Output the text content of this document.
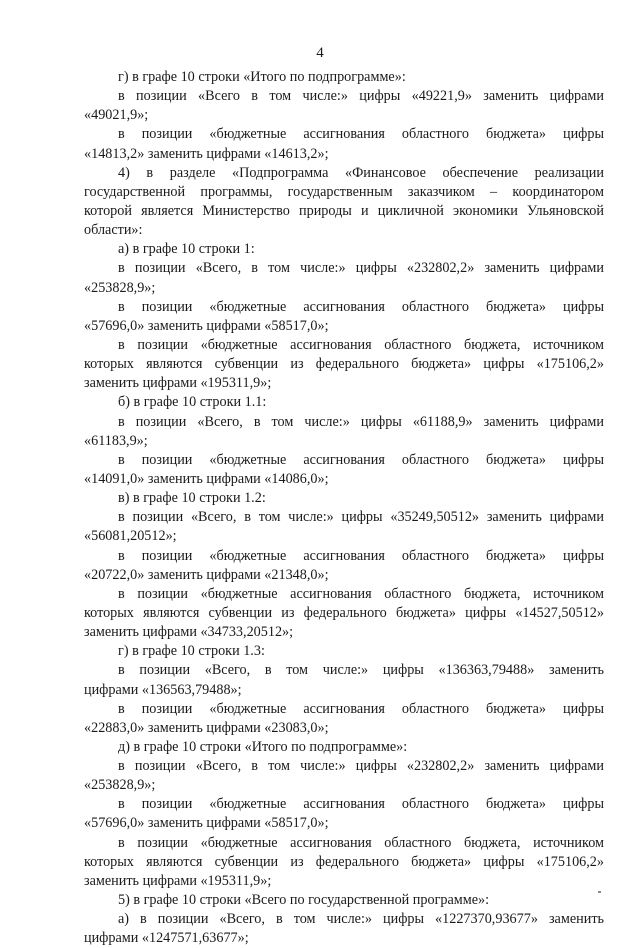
4
г) в графе 10 строки «Итого по подпрограмме»:
в позиции «Всего в том числе:» цифры «49221,9» заменить цифрами
«49021,9»;
в позиции «бюджетные ассигнования областного бюджета» цифры
«14813,2» заменить цифрами «14613,2»;
4) в разделе «Подпрограмма «Финансовое обеспечение реализации
государственной программы, государственным заказчиком – координатором
которой является Министерство природы и цикличной экономики Ульяновской
области»:
а) в графе 10 строки 1:
в позиции «Всего, в том числе:» цифры «232802,2» заменить цифрами
«253828,9»;
в позиции «бюджетные ассигнования областного бюджета» цифры
«57696,0» заменить цифрами «58517,0»;
в позиции «бюджетные ассигнования областного бюджета, источником
которых являются субвенции из федерального бюджета» цифры «175106,2»
заменить цифрами «195311,9»;
б) в графе 10 строки 1.1:
в позиции «Всего, в том числе:» цифры «61188,9» заменить цифрами
«61183,9»;
в позиции «бюджетные ассигнования областного бюджета» цифры
«14091,0» заменить цифрами «14086,0»;
в) в графе 10 строки 1.2:
в позиции «Всего, в том числе:» цифры «35249,50512» заменить цифрами
«56081,20512»;
в позиции «бюджетные ассигнования областного бюджета» цифры
«20722,0» заменить цифрами «21348,0»;
в позиции «бюджетные ассигнования областного бюджета, источником
которых являются субвенции из федерального бюджета» цифры «14527,50512»
заменить цифрами «34733,20512»;
г) в графе 10 строки 1.3:
в позиции «Всего, в том числе:» цифры «136363,79488» заменить
цифрами «136563,79488»;
в позиции «бюджетные ассигнования областного бюджета» цифры
«22883,0» заменить цифрами «23083,0»;
д) в графе 10 строки «Итого по подпрограмме»:
в позиции «Всего, в том числе:» цифры «232802,2» заменить цифрами
«253828,9»;
в позиции «бюджетные ассигнования областного бюджета» цифры
«57696,0» заменить цифрами «58517,0»;
в позиции «бюджетные ассигнования областного бюджета, источником
которых являются субвенции из федерального бюджета» цифры «175106,2»
заменить цифрами «195311,9»;
5) в графе 10 строки «Всего по государственной программе»:
а) в позиции «Всего, в том числе:» цифры «1227370,93677» заменить
цифрами «1247571,63677»;
